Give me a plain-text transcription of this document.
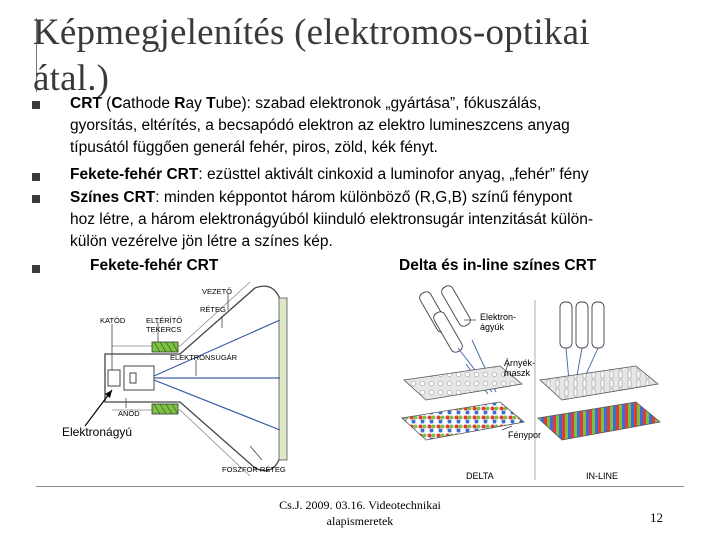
Képmegjelenítés (elektromos-optikai
átal.)
CRT (Cathode Ray Tube): szabad elektronok „gyártása”, fókuszálás,
gyorsítás, eltérítés, a becsapódó elektron az elektro lumineszcens anyag
típusától függően generál fehér, piros, zöld, kék fényt.
Fekete-fehér CRT: ezüsttel aktivált cinkoxid a luminofor anyag, „fehér” fény
Színes CRT: minden képpontot három különböző (R,G,B) színű fénypont
hoz létre, a három elektronágyúból kiinduló elektronsugár intenzitását külön-
külön vezérelve jön létre a színes kép.
Fekete-fehér CRT	Delta és in-line színes CRT
VEZETŐ
RÉTEG
KATÓD	ELTÉRÍTŐ
TEKERCS
ELEKTRONSUGÁR
ANÓD
FOSZFOR RÉTEG
Elektronágyú
Elektron-
ágyúk
Árnyék-
maszk
Fénypor
DELTA	IN-LINE
Cs.J. 2009. 03.16. Videotechnikai
alapismeretek	12
